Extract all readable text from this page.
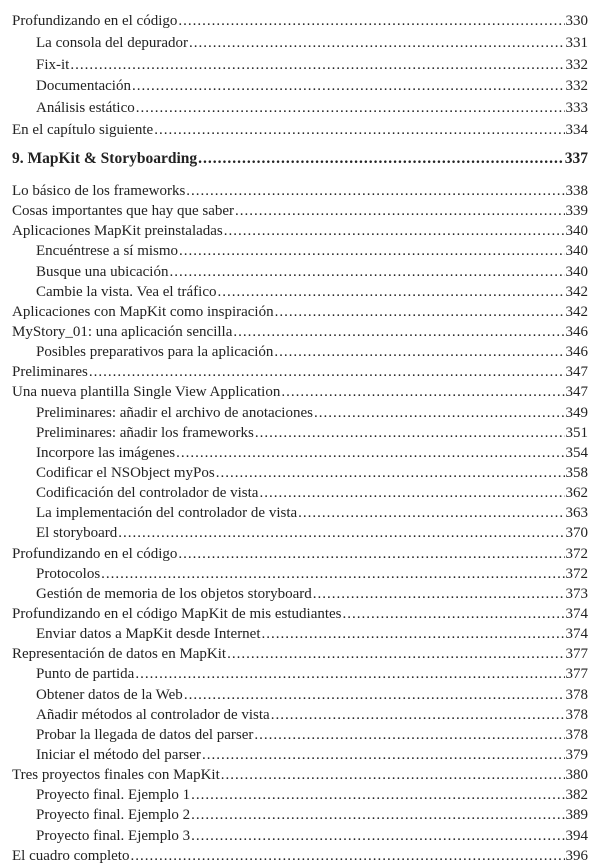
Profundizando en el código .....	330
La consola del depurador .....	331
Fix-it .....	332
Documentación .....	332
Análisis estático .....	333
En el capítulo siguiente .....	334
9. MapKit & Storyboarding .....	337
Lo básico de los frameworks .....	338
Cosas importantes que hay que saber .....	339
Aplicaciones MapKit preinstaladas .....	340
Encuéntrese a sí mismo .....	340
Busque una ubicación .....	340
Cambie la vista. Vea el tráfico .....	342
Aplicaciones con MapKit como inspiración .....	342
MyStory_01: una aplicación sencilla .....	346
Posibles preparativos para la aplicación .....	346
Preliminares .....	347
Una nueva plantilla Single View Application .....	347
Preliminares: añadir el archivo de anotaciones .....	349
Preliminares: añadir los frameworks .....	351
Incorpore las imágenes .....	354
Codificar el NSObject myPos .....	358
Codificación del controlador de vista .....	362
La implementación del controlador de vista .....	363
El storyboard .....	370
Profundizando en el código .....	372
Protocolos .....	372
Gestión de memoria de los objetos storyboard .....	373
Profundizando en el código MapKit de mis estudiantes .....	374
Enviar datos a MapKit desde Internet .....	374
Representación de datos en MapKit .....	377
Punto de partida .....	377
Obtener datos de la Web .....	378
Añadir métodos al controlador de vista .....	378
Probar la llegada de datos del parser .....	378
Iniciar el método del parser .....	379
Tres proyectos finales con MapKit .....	380
Proyecto final. Ejemplo 1 .....	382
Proyecto final. Ejemplo 2 .....	389
Proyecto final. Ejemplo 3 .....	394
El cuadro completo .....	396
